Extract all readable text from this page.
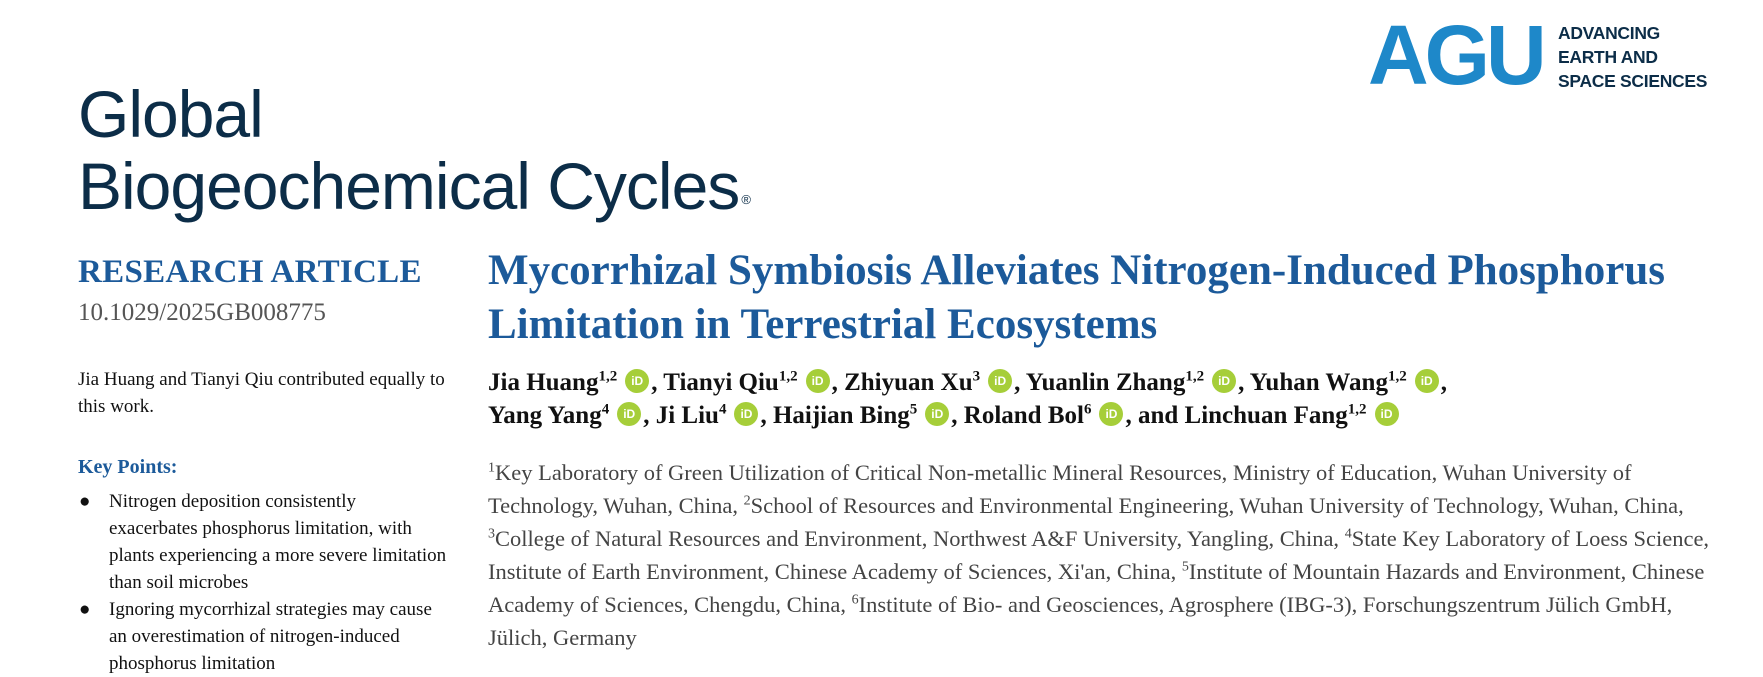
AGU ADVANCING
EARTH AND
SPACE SCIENCES
Global
Biogeochemical Cycles ®
RESEARCH ARTICLE
10.1029/2025GB008775
Jia Huang and Tianyi Qiu contributed equally to this work.
Key Points:
● Nitrogen deposition consistently exacerbates phosphorus limitation, with plants experiencing a more severe limitation than soil microbes
● Ignoring mycorrhizal strategies may cause an overestimation of nitrogen-induced phosphorus limitation
Mycorrhizal Symbiosis Alleviates Nitrogen-Induced Phosphorus Limitation in Terrestrial Ecosystems
Jia Huang$^{1,2}$ iD , Tianyi Qiu$^{1,2}$ iD , Zhiyuan Xu$^3$ iD , Yuanlin Zhang$^{1,2}$ iD , Yuhan Wang$^{1,2}$ iD ,
Yang Yang$^4$ iD , Ji Liu$^4$ iD , Haijian Bing$^5$ iD , Roland Bol$^6$ iD , and Linchuan Fang$^{1,2}$ iD
$^1$Key Laboratory of Green Utilization of Critical Non-metallic Mineral Resources, Ministry of Education, Wuhan University of Technology, Wuhan, China, $^2$School of Resources and Environmental Engineering, Wuhan University of Technology, Wuhan, China, $^3$College of Natural Resources and Environment, Northwest A&F University, Yangling, China, $^4$State Key Laboratory of Loess Science, Institute of Earth Environment, Chinese Academy of Sciences, Xi'an, China, $^5$Institute of Mountain Hazards and Environment, Chinese Academy of Sciences, Chengdu, China, $^6$Institute of Bio- and Geosciences, Agrosphere (IBG-3), Forschungszentrum Jülich GmbH, Jülich, Germany
